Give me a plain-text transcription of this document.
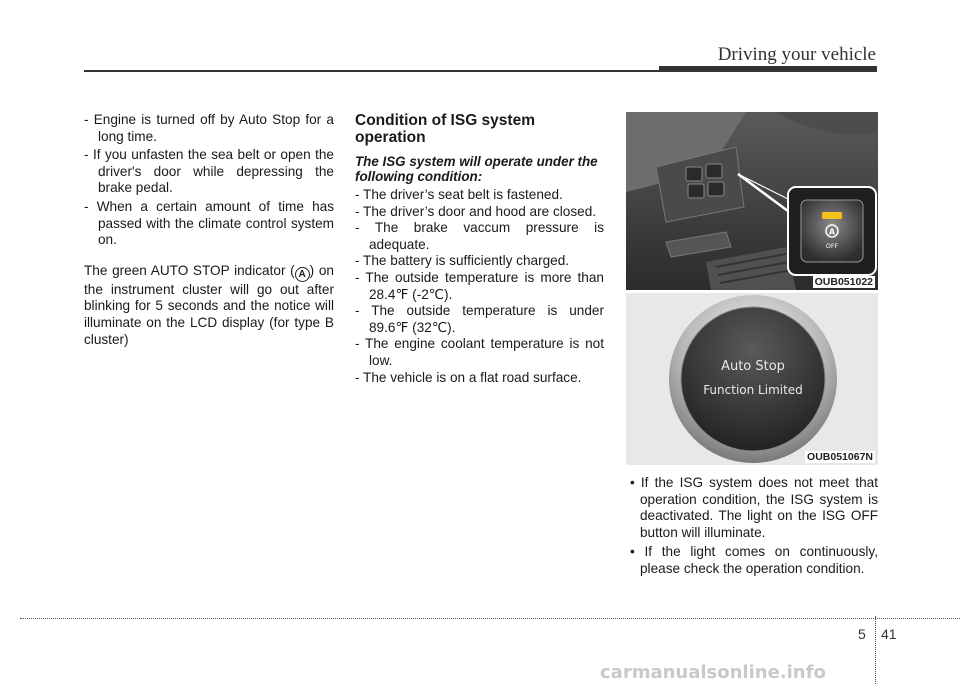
Driving your vehicle

- Engine is turned off by Auto Stop for a long time.

- If you unfasten the sea belt or open the driver's door while depressing the brake pedal.

- When a certain amount of time has passed with the climate control system on.

The green AUTO STOP indicator ( A ) on the instrument cluster will go out after blinking for 5 seconds and the notice will illuminate on the LCD display (for type B cluster)

Condition of ISG system operation
The ISG system will operate under the following condition:

- The driver’s seat belt is fastened.

- The driver’s door and hood are closed.

- The brake vaccum pressure is adequate.

- The battery is sufficiently charged.

- The outside temperature is more than 28.4℉ (-2℃).

- The outside temperature is under 89.6℉ (32℃).

- The engine coolant temperature is not low.

- The vehicle is on a flat road surface.

A
OFF
OUB051022
Auto Stop
Function Limited
OUB051067N

• If the ISG system does not meet that operation condition, the ISG system is deactivated. The light on the ISG OFF button will illuminate.

• If the light comes on continuously, please check the operation condition.

5 41
carmanualsonline.info
